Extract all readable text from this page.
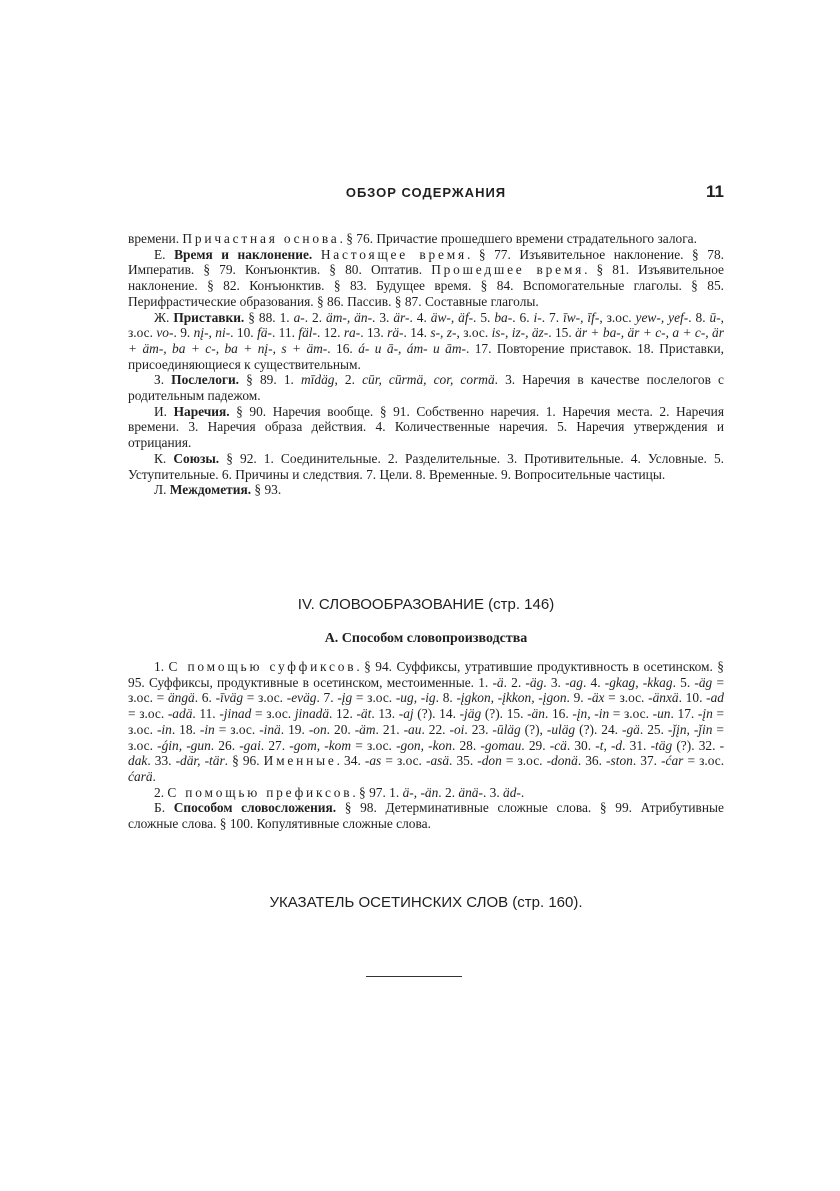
ОБЗОР СОДЕРЖАНИЯ	11

времени. Причастная основа. § 76. Причастие прошедшего времени страдательного залога.

Е. Время и наклонение. Настоящее время. § 77. Изъявительное наклонение. § 78. Императив. § 79. Конъюнктив. § 80. Оптатив. Прошедшее время. § 81. Изъявительное наклонение. § 82. Конъюнктив. § 83. Будущее время. § 84. Вспомогательные глаголы. § 85. Перифрастические образования. § 86. Пассив. § 87. Составные глаголы.

Ж. Приставки. § 88. 1. a-. 2. äm-, än-. 3. är-. 4. äw-, äf-. 5. ba-. 6. i-. 7. īw-, īf-, з.ос. yew-, yef-. 8. ū-, з.ос. vo-. 9. nį-, ni-. 10. fä-. 11. fäl-. 12. ra-. 13. rä-. 14. s-, z-, з.ос. is-, iz-, äz-. 15. är + ba-, är + c-, a + c-, är + äm-, ba + c-, ba + nį-, s + äm-. 16. á- и ā-, ám- и ām-. 17. Повторение приставок. 18. Приставки, присоединяющиеся к существительным.

З. Послелоги. § 89. 1. mīdäg, 2. cūr, cūrmä, cor, cormä. 3. Наречия в качестве послелогов с родительным падежом.

И. Наречия. § 90. Наречия вообще. § 91. Собственно наречия. 1. Наречия места. 2. Наречия времени. 3. Наречия образа действия. 4. Количественные наречия. 5. Наречия утверждения и отрицания.

К. Союзы. § 92. 1. Соединительные. 2. Разделительные. 3. Противительные. 4. Условные. 5. Уступительные. 6. Причины и следствия. 7. Цели. 8. Временные. 9. Вопросительные частицы.

Л. Междометия. § 93.

IV. СЛОВООБРАЗОВАНИЕ (стр. 146)
А. Способом словопроизводства

1. С помощью суффиксов. § 94. Суффиксы, утратившие продуктивность в осетинском. § 95. Суффиксы, продуктивные в осетинском, местоименные. 1. -ä. 2. -äg. 3. -ag. 4. -gkag, -kkag. 5. -äg = з.ос. = ängä. 6. -īväg = з.ос. -eväg. 7. -įg = з.ос. -ug, -ig. 8. -įgkon, -įkkon, -įgon. 9. -äx = з.ос. -änxä. 10. -ad = з.ос. -adä. 11. -jinad = з.ос. jinadä. 12. -ät. 13. -aj (?). 14. -jäg (?). 15. -än. 16. -įn, -in = з.ос. -un. 17. -įn = з.ос. -in. 18. -in = з.ос. -inä. 19. -on. 20. -äm. 21. -au. 22. -oi. 23. -ūläg (?), -uläg (?). 24. -gä. 25. -ǰįn, -ǰin = з.ос. -ǵin, -gun. 26. -gai. 27. -gom, -kom = з.ос. -gon, -kon. 28. -gomau. 29. -cä. 30. -t, -d. 31. -täg (?). 32. -dak. 33. -där, -tär. § 96. Именные. 34. -as = з.ос. -asä. 35. -don = з.ос. -donä. 36. -ston. 37. -ćar = з.ос. ćarä.

2. С помощью префиксов. § 97. 1. ä-, -än. 2. änä-. 3. äd-.

Б. Способом словосложения. § 98. Детерминативные сложные слова. § 99. Атрибутивные сложные слова. § 100. Копулятивные сложные слова.

УКАЗАТЕЛЬ ОСЕТИНСКИХ СЛОВ (стр. 160).
